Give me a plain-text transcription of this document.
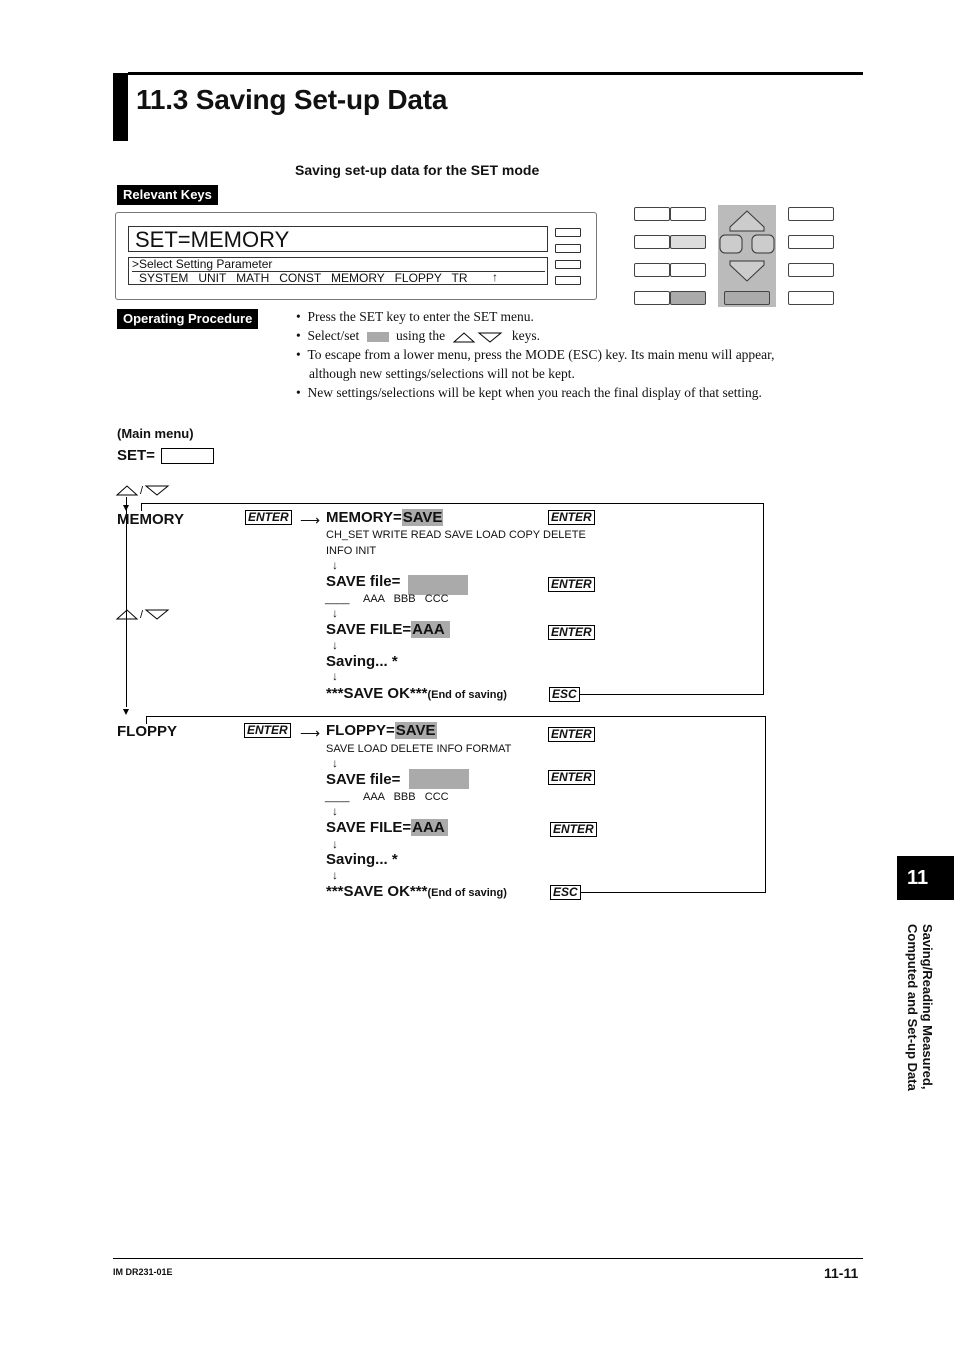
11.3 Saving Set-up Data
Saving set-up data for the SET mode
Relevant Keys
SET=MEMORY
>Select Setting Parameter
SYSTEM   UNIT   MATH   CONST   MEMORY   FLOPPY   TR ↑
Operating Procedure	•  Press the SET key to enter the SET menu.
•  Select/set	using the	keys.
•  To escape from a lower menu, press the MODE (ESC) key. Its main menu will appear,
although new settings/selections will not be kept.
•  New settings/selections will be kept when you reach the final display of that setting.
(Main menu)
SET=
/
/
MEMORY	ENTER ⟶ MEMORY=SAVE	ENTER
CH_SET WRITE READ SAVE LOAD COPY DELETE
INFO INIT
↓
SAVE file=	ENTER
____ AAA   BBB   CCC
↓
SAVE FILE=AAA	ENTER
↓
Saving... *
↓
***SAVE OK***(End of saving)	ESC
FLOPPY	ENTER ⟶ FLOPPY=SAVE	ENTER
SAVE LOAD DELETE INFO FORMAT
↓
SAVE file=	ENTER
____ AAA   BBB   CCC
↓
SAVE FILE=AAA	ENTER
↓
Saving... *
↓
***SAVE OK***(End of saving)	ESC
11
Saving/Reading Measured, Computed and Set-up Data
IM DR231-01E	11-11
